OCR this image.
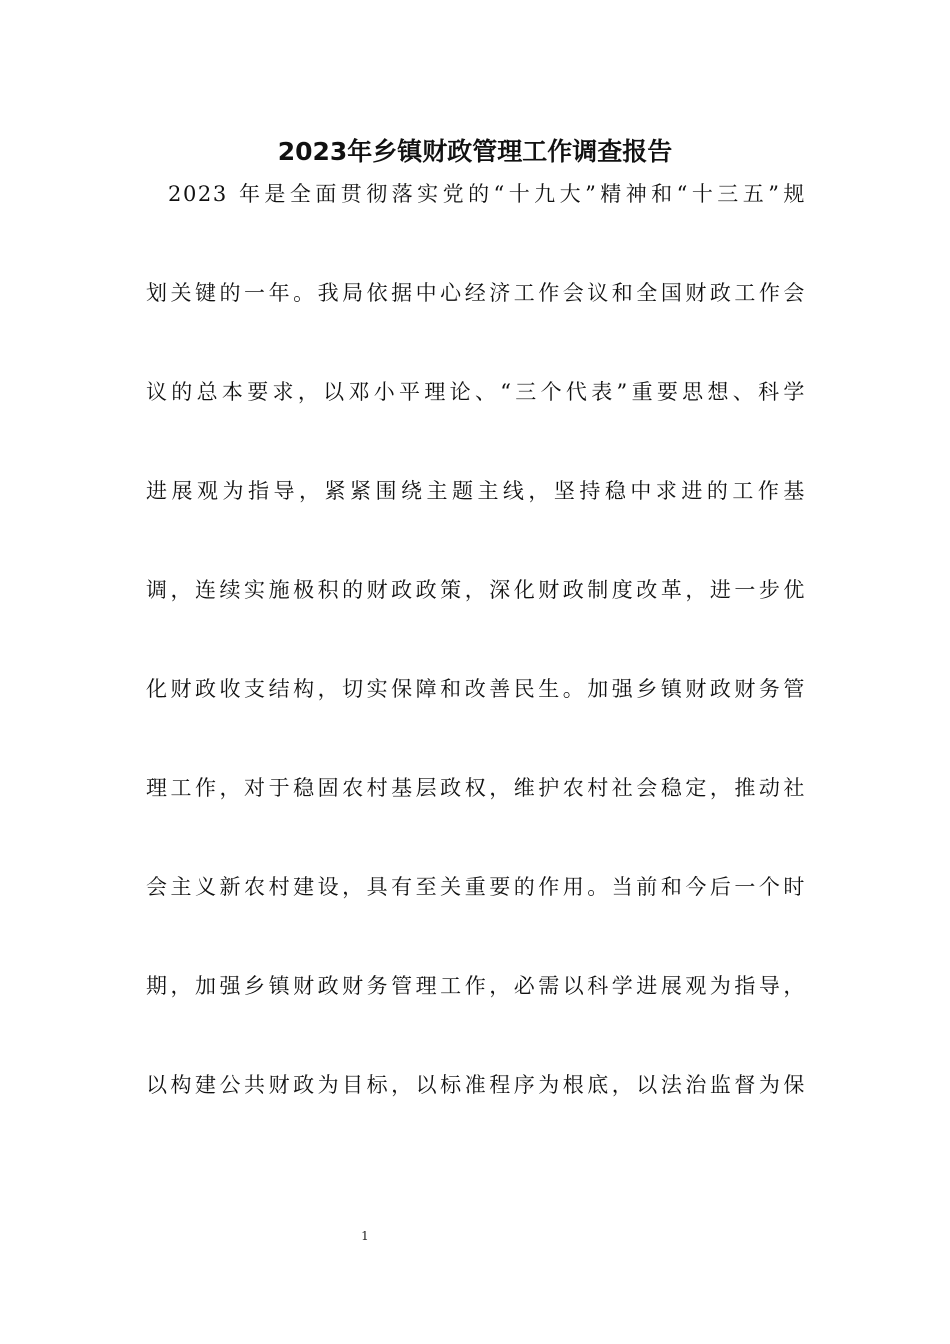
2023年乡镇财政管理工作调查报告
2023 年是全面贯彻落实党的“十九大”精神和“十三五”规
划关键的一年。我局依据中心经济工作会议和全国财政工作会
议的总本要求，以邓小平理论、“三个代表”重要思想、科学
进展观为指导，紧紧围绕主题主线，坚持稳中求进的工作基
调，连续实施极积的财政政策，深化财政制度改革，进一步优
化财政收支结构，切实保障和改善民生。加强乡镇财政财务管
理工作，对于稳固农村基层政权，维护农村社会稳定，推动社
会主义新农村建设，具有至关重要的作用。当前和今后一个时
期，加强乡镇财政财务管理工作，必需以科学进展观为指导，
以构建公共财政为目标，以标准程序为根底，以法治监督为保
1
